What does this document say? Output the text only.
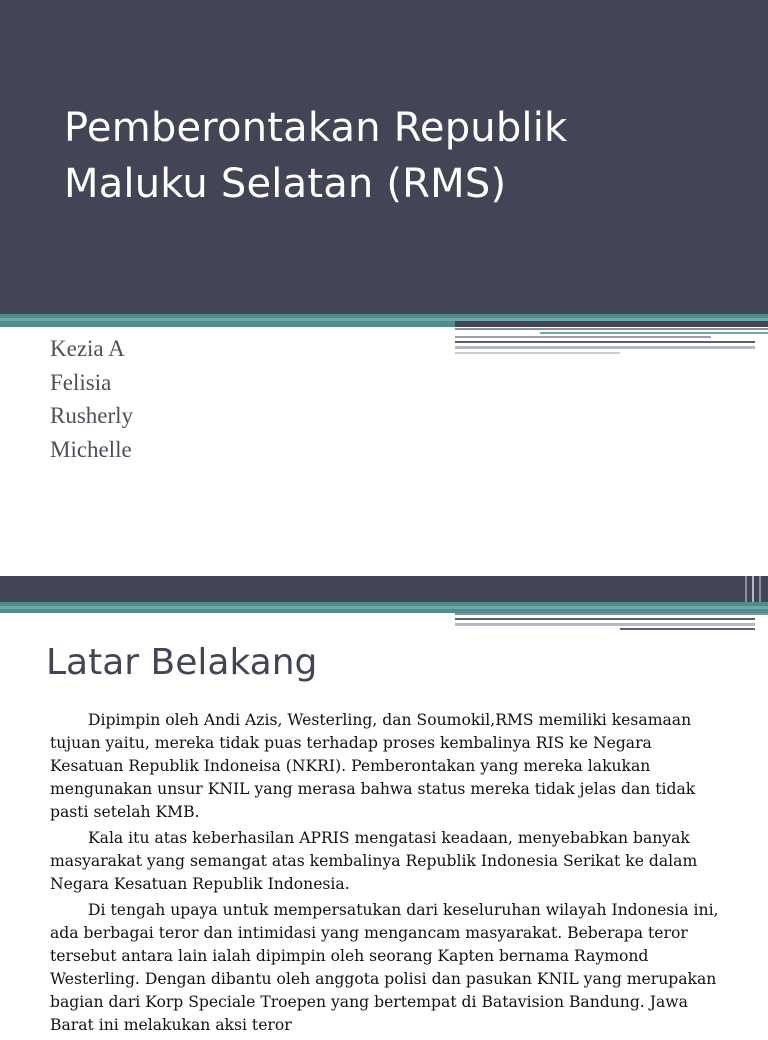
Pemberontakan Republik
Maluku Selatan (RMS)
Kezia A
Felisia
Rusherly
Michelle
Latar Belakang

Dipimpin oleh Andi Azis, Westerling, dan Soumokil,RMS memiliki kesamaan tujuan yaitu, mereka tidak puas terhadap proses kembalinya RIS ke Negara Kesatuan Republik Indoneisa (NKRI). Pemberontakan yang mereka lakukan mengunakan unsur KNIL yang merasa bahwa status mereka tidak jelas dan tidak pasti setelah KMB.

Kala itu atas keberhasilan APRIS mengatasi keadaan, menyebabkan banyak masyarakat yang semangat atas kembalinya Republik Indonesia Serikat ke dalam Negara Kesatuan Republik Indonesia.

Di tengah upaya untuk mempersatukan dari keseluruhan wilayah Indonesia ini, ada berbagai teror dan intimidasi yang mengancam masyarakat. Beberapa teror tersebut antara lain ialah dipimpin oleh seorang Kapten bernama Raymond Westerling. Dengan dibantu oleh anggota polisi dan pasukan KNIL yang merupakan bagian dari Korp Speciale Troepen yang bertempat di Batavision Bandung. Jawa Barat ini melakukan aksi teror
